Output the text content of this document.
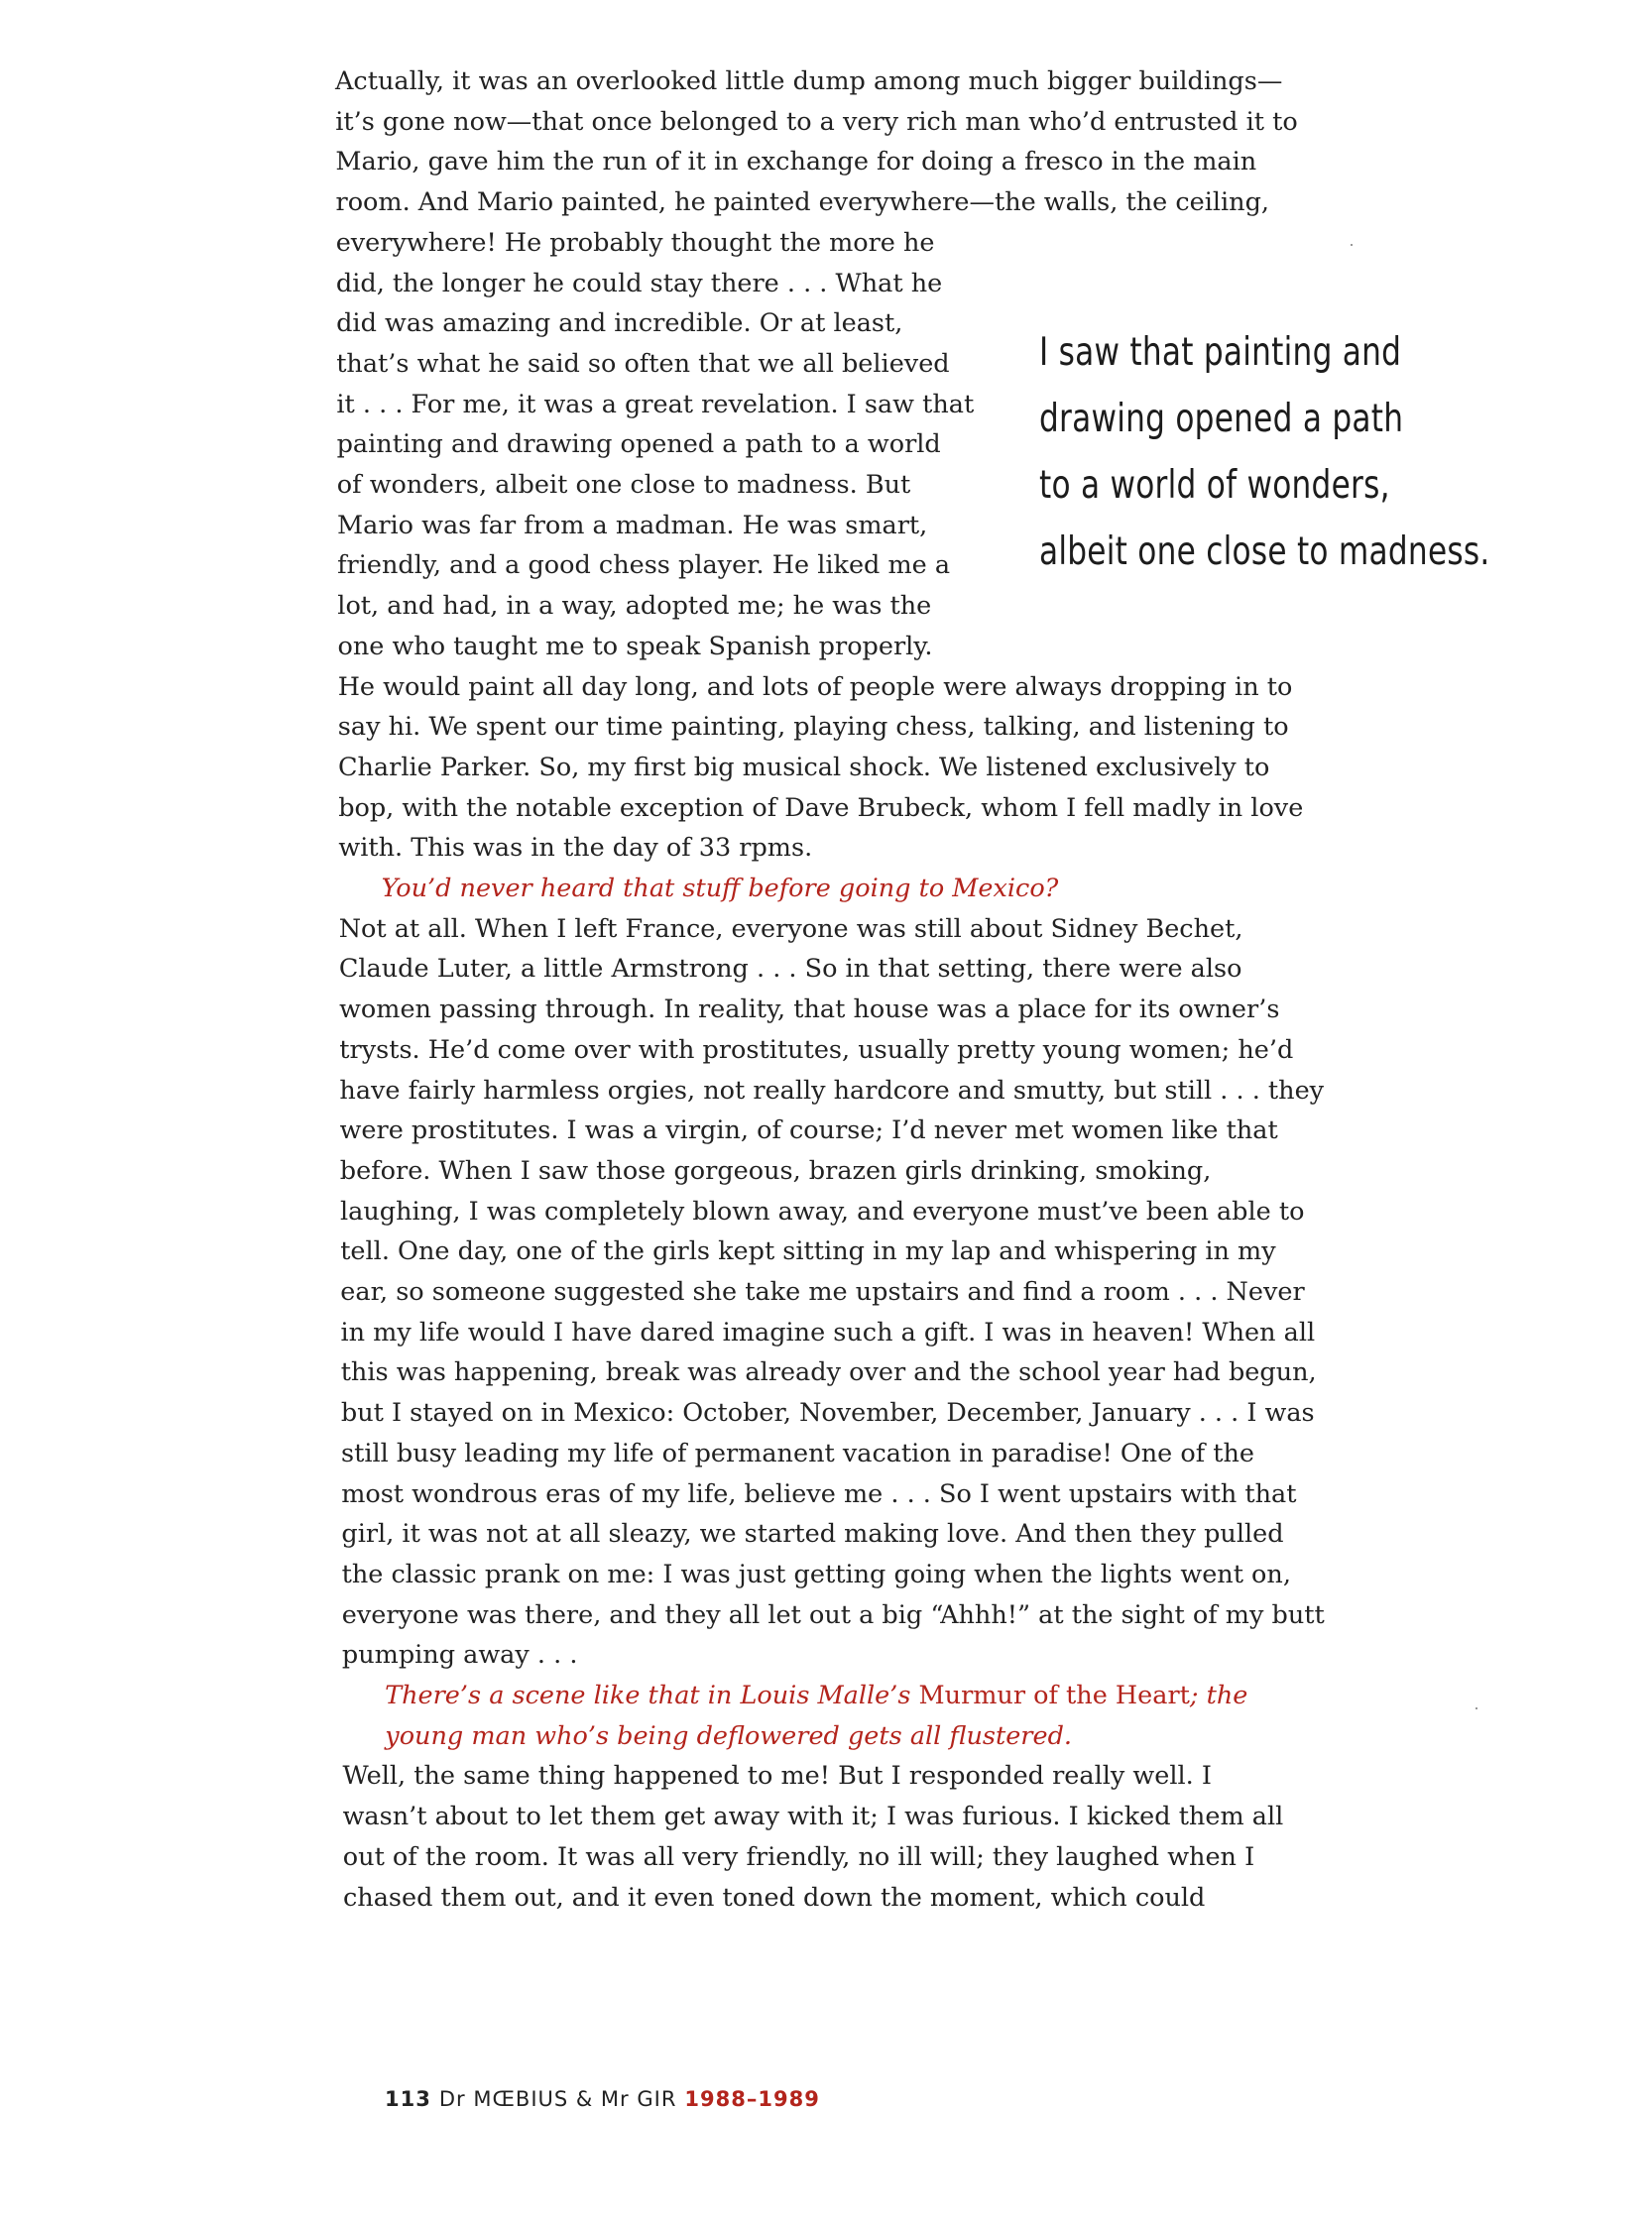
Actually, it was an overlooked little dump among much bigger buildings—

it’s gone now—that once belonged to a very rich man who’d entrusted it to

Mario, gave him the run of it in exchange for doing a fresco in the main

room. And Mario painted, he painted everywhere—the walls, the ceiling,

everywhere! He probably thought the more he

did, the longer he could stay there . . . What he

did was amazing and incredible. Or at least,

that’s what he said so often that we all believed

it . . . For me, it was a great revelation. I saw that

painting and drawing opened a path to a world

of wonders, albeit one close to madness. But

Mario was far from a madman. He was smart,

friendly, and a good chess player. He liked me a

lot, and had, in a way, adopted me; he was the

one who taught me to speak Spanish properly.

He would paint all day long, and lots of people were always dropping in to

say hi. We spent our time painting, playing chess, talking, and listening to

Charlie Parker. So, my first big musical shock. We listened exclusively to

bop, with the notable exception of Dave Brubeck, whom I fell madly in love

with. This was in the day of 33 rpms.

You’d never heard that stuff before going to Mexico?

Not at all. When I left France, everyone was still about Sidney Bechet,

Claude Luter, a little Armstrong . . . So in that setting, there were also

women passing through. In reality, that house was a place for its owner’s

trysts. He’d come over with prostitutes, usually pretty young women; he’d

have fairly harmless orgies, not really hardcore and smutty, but still . . . they

were prostitutes. I was a virgin, of course; I’d never met women like that

before. When I saw those gorgeous, brazen girls drinking, smoking,

laughing, I was completely blown away, and everyone must’ve been able to

tell. One day, one of the girls kept sitting in my lap and whispering in my

ear, so someone suggested she take me upstairs and find a room . . . Never

in my life would I have dared imagine such a gift. I was in heaven! When all

this was happening, break was already over and the school year had begun,

but I stayed on in Mexico: October, November, December, January . . . I was

still busy leading my life of permanent vacation in paradise! One of the

most wondrous eras of my life, believe me . . . So I went upstairs with that

girl, it was not at all sleazy, we started making love. And then they pulled

the classic prank on me: I was just getting going when the lights went on,

everyone was there, and they all let out a big “Ahhh!” at the sight of my butt

pumping away . . .

There’s a scene like that in Louis Malle’s Murmur of the Heart; the

young man who’s being deflowered gets all flustered.

Well, the same thing happened to me! But I responded really well. I

wasn’t about to let them get away with it; I was furious. I kicked them all

out of the room. It was all very friendly, no ill will; they laughed when I

chased them out, and it even toned down the moment, which could

I saw that painting and

drawing opened a path

to a world of wonders,

albeit one close to madness.

113 Dr MŒBIUS & Mr GIR 1988–1989
